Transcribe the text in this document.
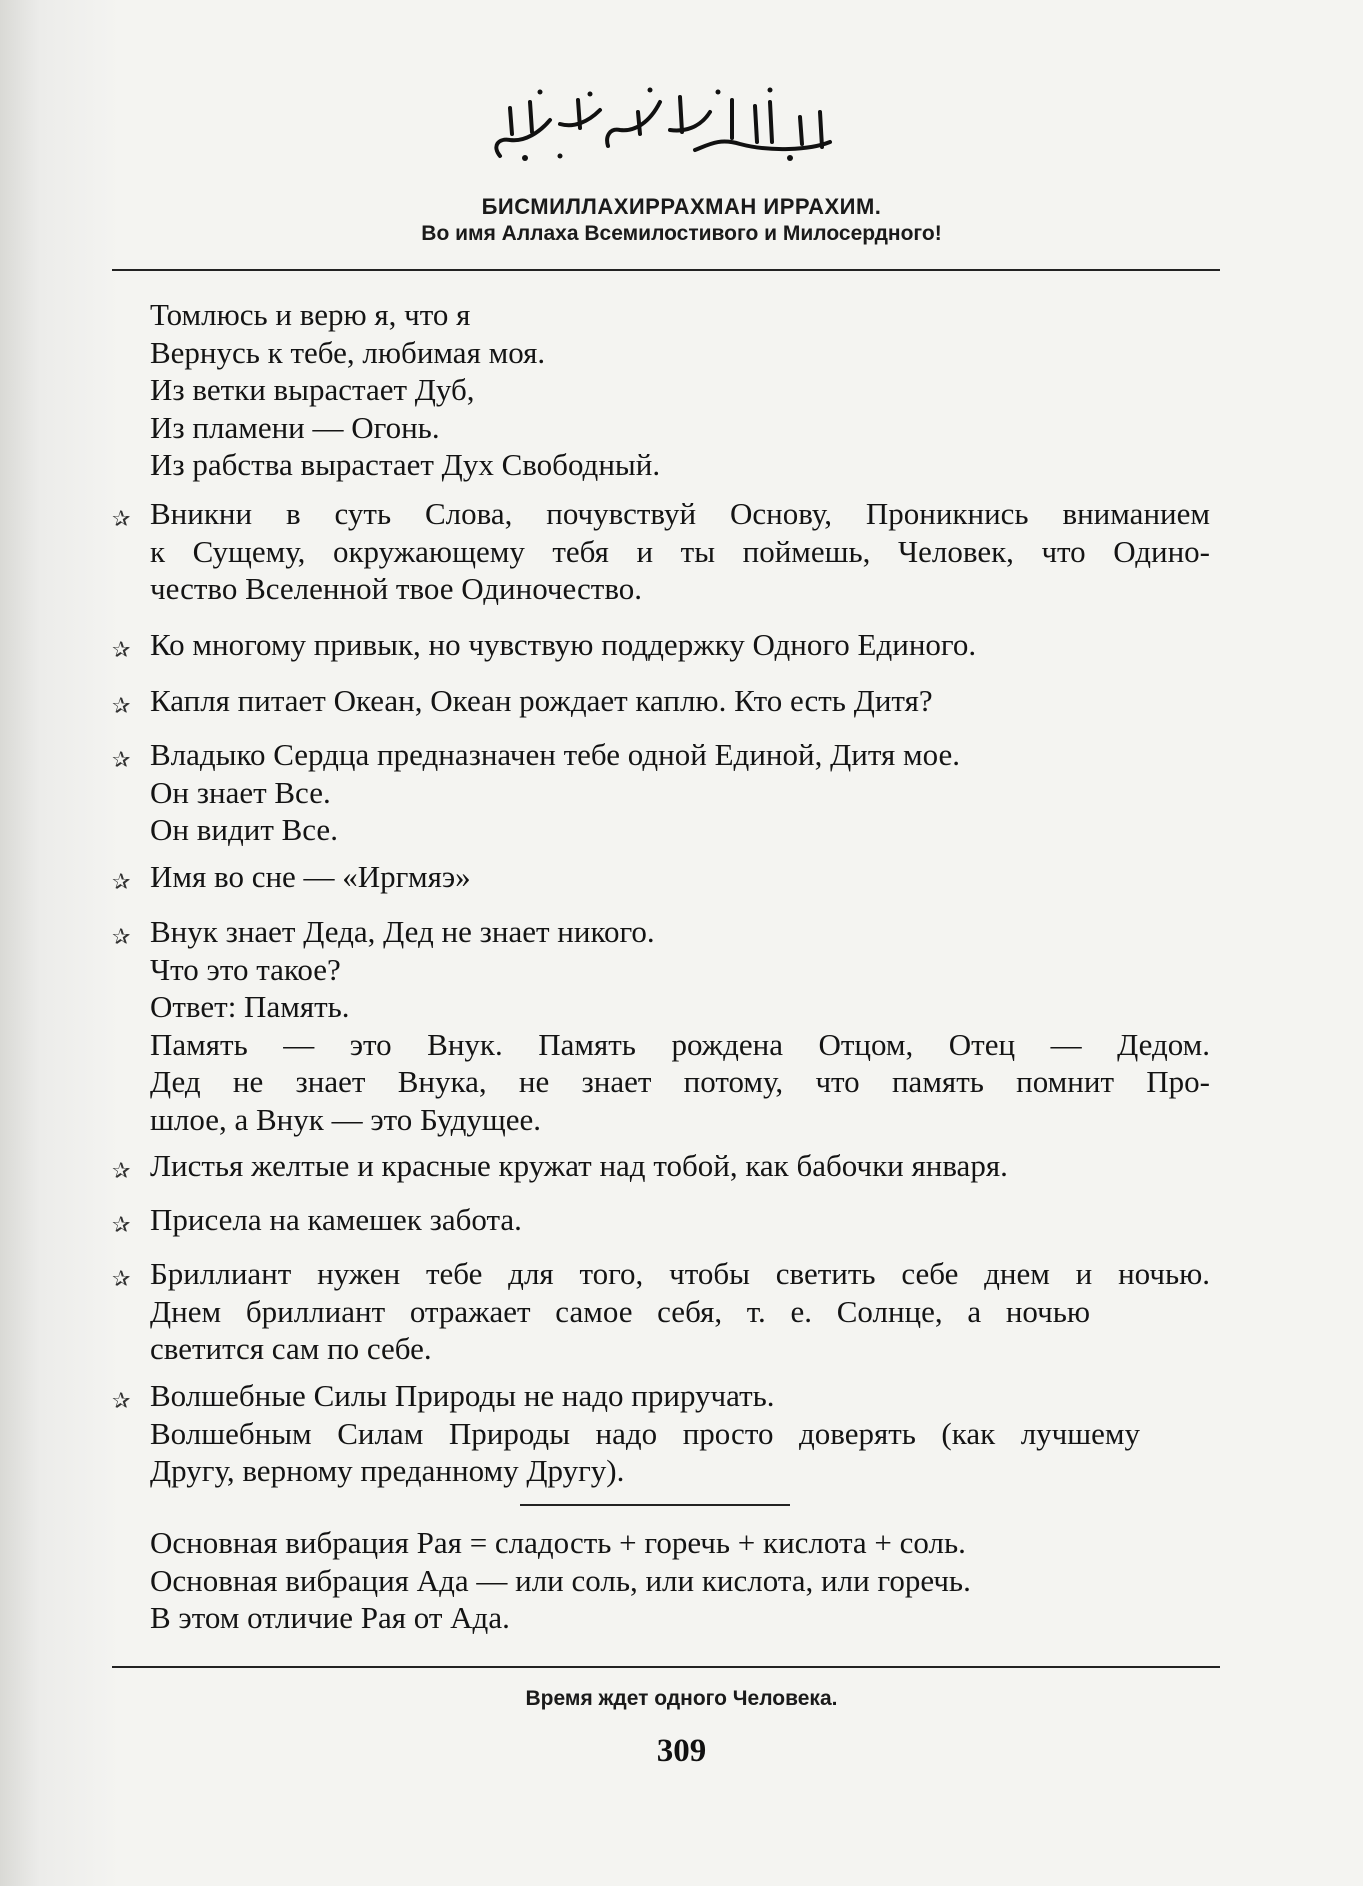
БИСМИЛЛАХИРРАХМАН ИРРАХИМ.
Во имя Аллаха Всемилостивого и Милосердного!
Томлюсь и верю я, что я
Вернусь к тебе, любимая моя.
Из ветки вырастает Дуб,
Из пламени — Огонь.
Из рабства вырастает Дух Свободный.
✰ Вникни в суть Слова, почувствуй Основу, Проникнись вниманием
к Сущему, окружающему тебя и ты поймешь, Человек, что Одино-
чество Вселенной твое Одиночество.
✰ Ко многому привык, но чувствую поддержку Одного Единого.
✰ Капля питает Океан, Океан рождает каплю. Кто есть Дитя?
✰ Владыко Сердца предназначен тебе одной Единой, Дитя мое.
Он знает Все.
Он видит Все.
✰ Имя во сне — «Иргмяэ»
✰ Внук знает Деда, Дед не знает никого.
Что это такое?
Ответ: Память.
Память — это Внук. Память рождена Отцом, Отец — Дедом.
Дед не знает Внука, не знает потому, что память помнит Про-
шлое, а Внук — это Будущее.
✰ Листья желтые и красные кружат над тобой, как бабочки января.
✰ Присела на камешек забота.
✰ Бриллиант нужен тебе для того, чтобы светить себе днем и ночью.
Днем бриллиант отражает самое себя, т. е. Солнце, а ночью
светится сам по себе.
✰ Волшебные Силы Природы не надо приручать.
Волшебным Силам Природы надо просто доверять (как лучшему
Другу, верному преданному Другу).
Основная вибрация Рая = сладость + горечь + кислота + соль.
Основная вибрация Ада — или соль, или кислота, или горечь.
В этом отличие Рая от Ада.
Время ждет одного Человека.
309
